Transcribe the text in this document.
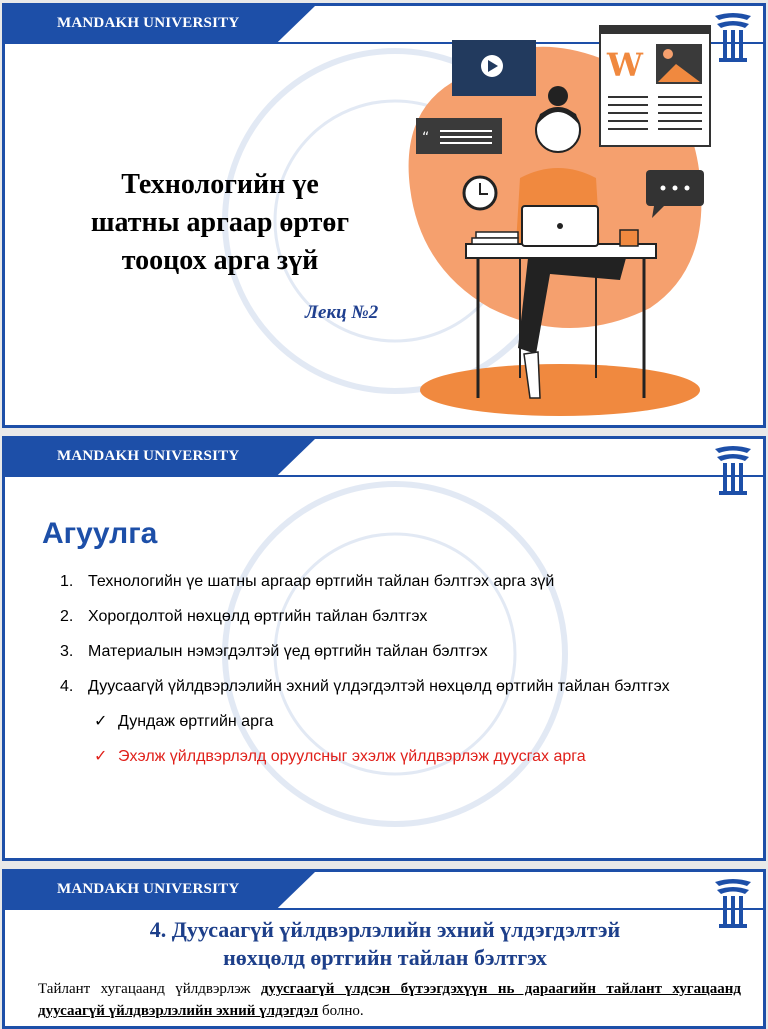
MANDAKH UNIVERSITY
Технологийн үе
шатны аргаар өртөг
тооцох арга зүй
Лекц №2
“
W
MANDAKH UNIVERSITY
Агуулга
1. Технологийн үе шатны аргаар өртгийн тайлан бэлтгэх арга зүй
2. Хорогдолтой нөхцөлд өртгийн тайлан бэлтгэх
3. Материалын нэмэгдэлтэй үед өртгийн тайлан бэлтгэх
4. Дуусаагүй үйлдвэрлэлийн эхний үлдэгдэлтэй нөхцөлд өртгийн тайлан бэлтгэх
✓ Дундаж өртгийн арга
✓ Эхэлж үйлдвэрлэлд оруулсныг эхэлж үйлдвэрлэж дуусгах арга
MANDAKH UNIVERSITY
4. Дуусаагүй үйлдвэрлэлийн эхний үлдэгдэлтэй
нөхцөлд өртгийн тайлан бэлтгэх
Тайлант хугацаанд үйлдвэрлэж дуусгаагүй үлдсэн бүтээгдэхүүн нь дараагийн тайлант хугацаанд дуусаагүй үйлдвэрлэлийн эхний үлдэгдэл болно.
